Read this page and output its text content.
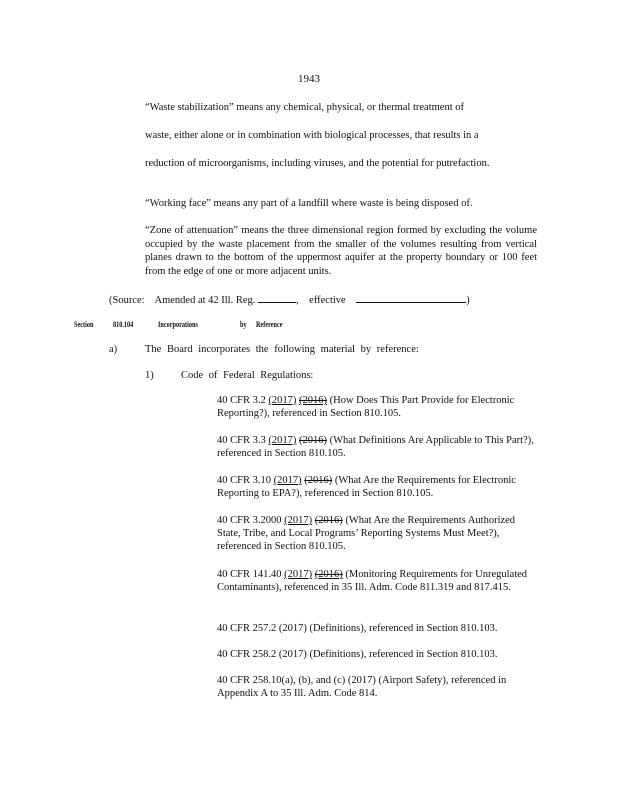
1943
“Waste stabilization” means any chemical, physical, or thermal treatment of
waste, either alone or in combination with biological processes, that results in a
reduction of microorganisms, including viruses, and the potential for putrefaction.
“Working face” means any part of a landfill where waste is being disposed of.
“Zone of attenuation” means the three dimensional region formed by excluding the volume occupied by the waste placement from the smaller of the volumes resulting from vertical planes drawn to the bottom of the uppermost aquifer at the property boundary or 100 feet from the edge of one or more adjacent units.
(Source: Amended at 42 Ill. Reg.	, effective	)
Section 810.104	Incorporations	by Reference
a)	The Board incorporates the following material by reference:
1)	Code of Federal Regulations:
40 CFR 3.2 (2017) (2016) (How Does This Part Provide for Electronic Reporting?), referenced in Section 810.105.
40 CFR 3.3 (2017) (2016) (What Definitions Are Applicable to This Part?), referenced in Section 810.105.
40 CFR 3.10 (2017) (2016) (What Are the Requirements for Electronic Reporting to EPA?), referenced in Section 810.105.
40 CFR 3.2000 (2017) (2016) (What Are the Requirements Authorized State, Tribe, and Local Programs’ Reporting Systems Must Meet?), referenced in Section 810.105.
40 CFR 141.40 (2017) (2016) (Monitoring Requirements for Unregulated Contaminants), referenced in 35 Ill. Adm. Code 811.319 and 817.415.
40 CFR 257.2 (2017) (Definitions), referenced in Section 810.103.
40 CFR 258.2 (2017) (Definitions), referenced in Section 810.103.
40 CFR 258.10(a), (b), and (c) (2017) (Airport Safety), referenced in Appendix A to 35 Ill. Adm. Code 814.
